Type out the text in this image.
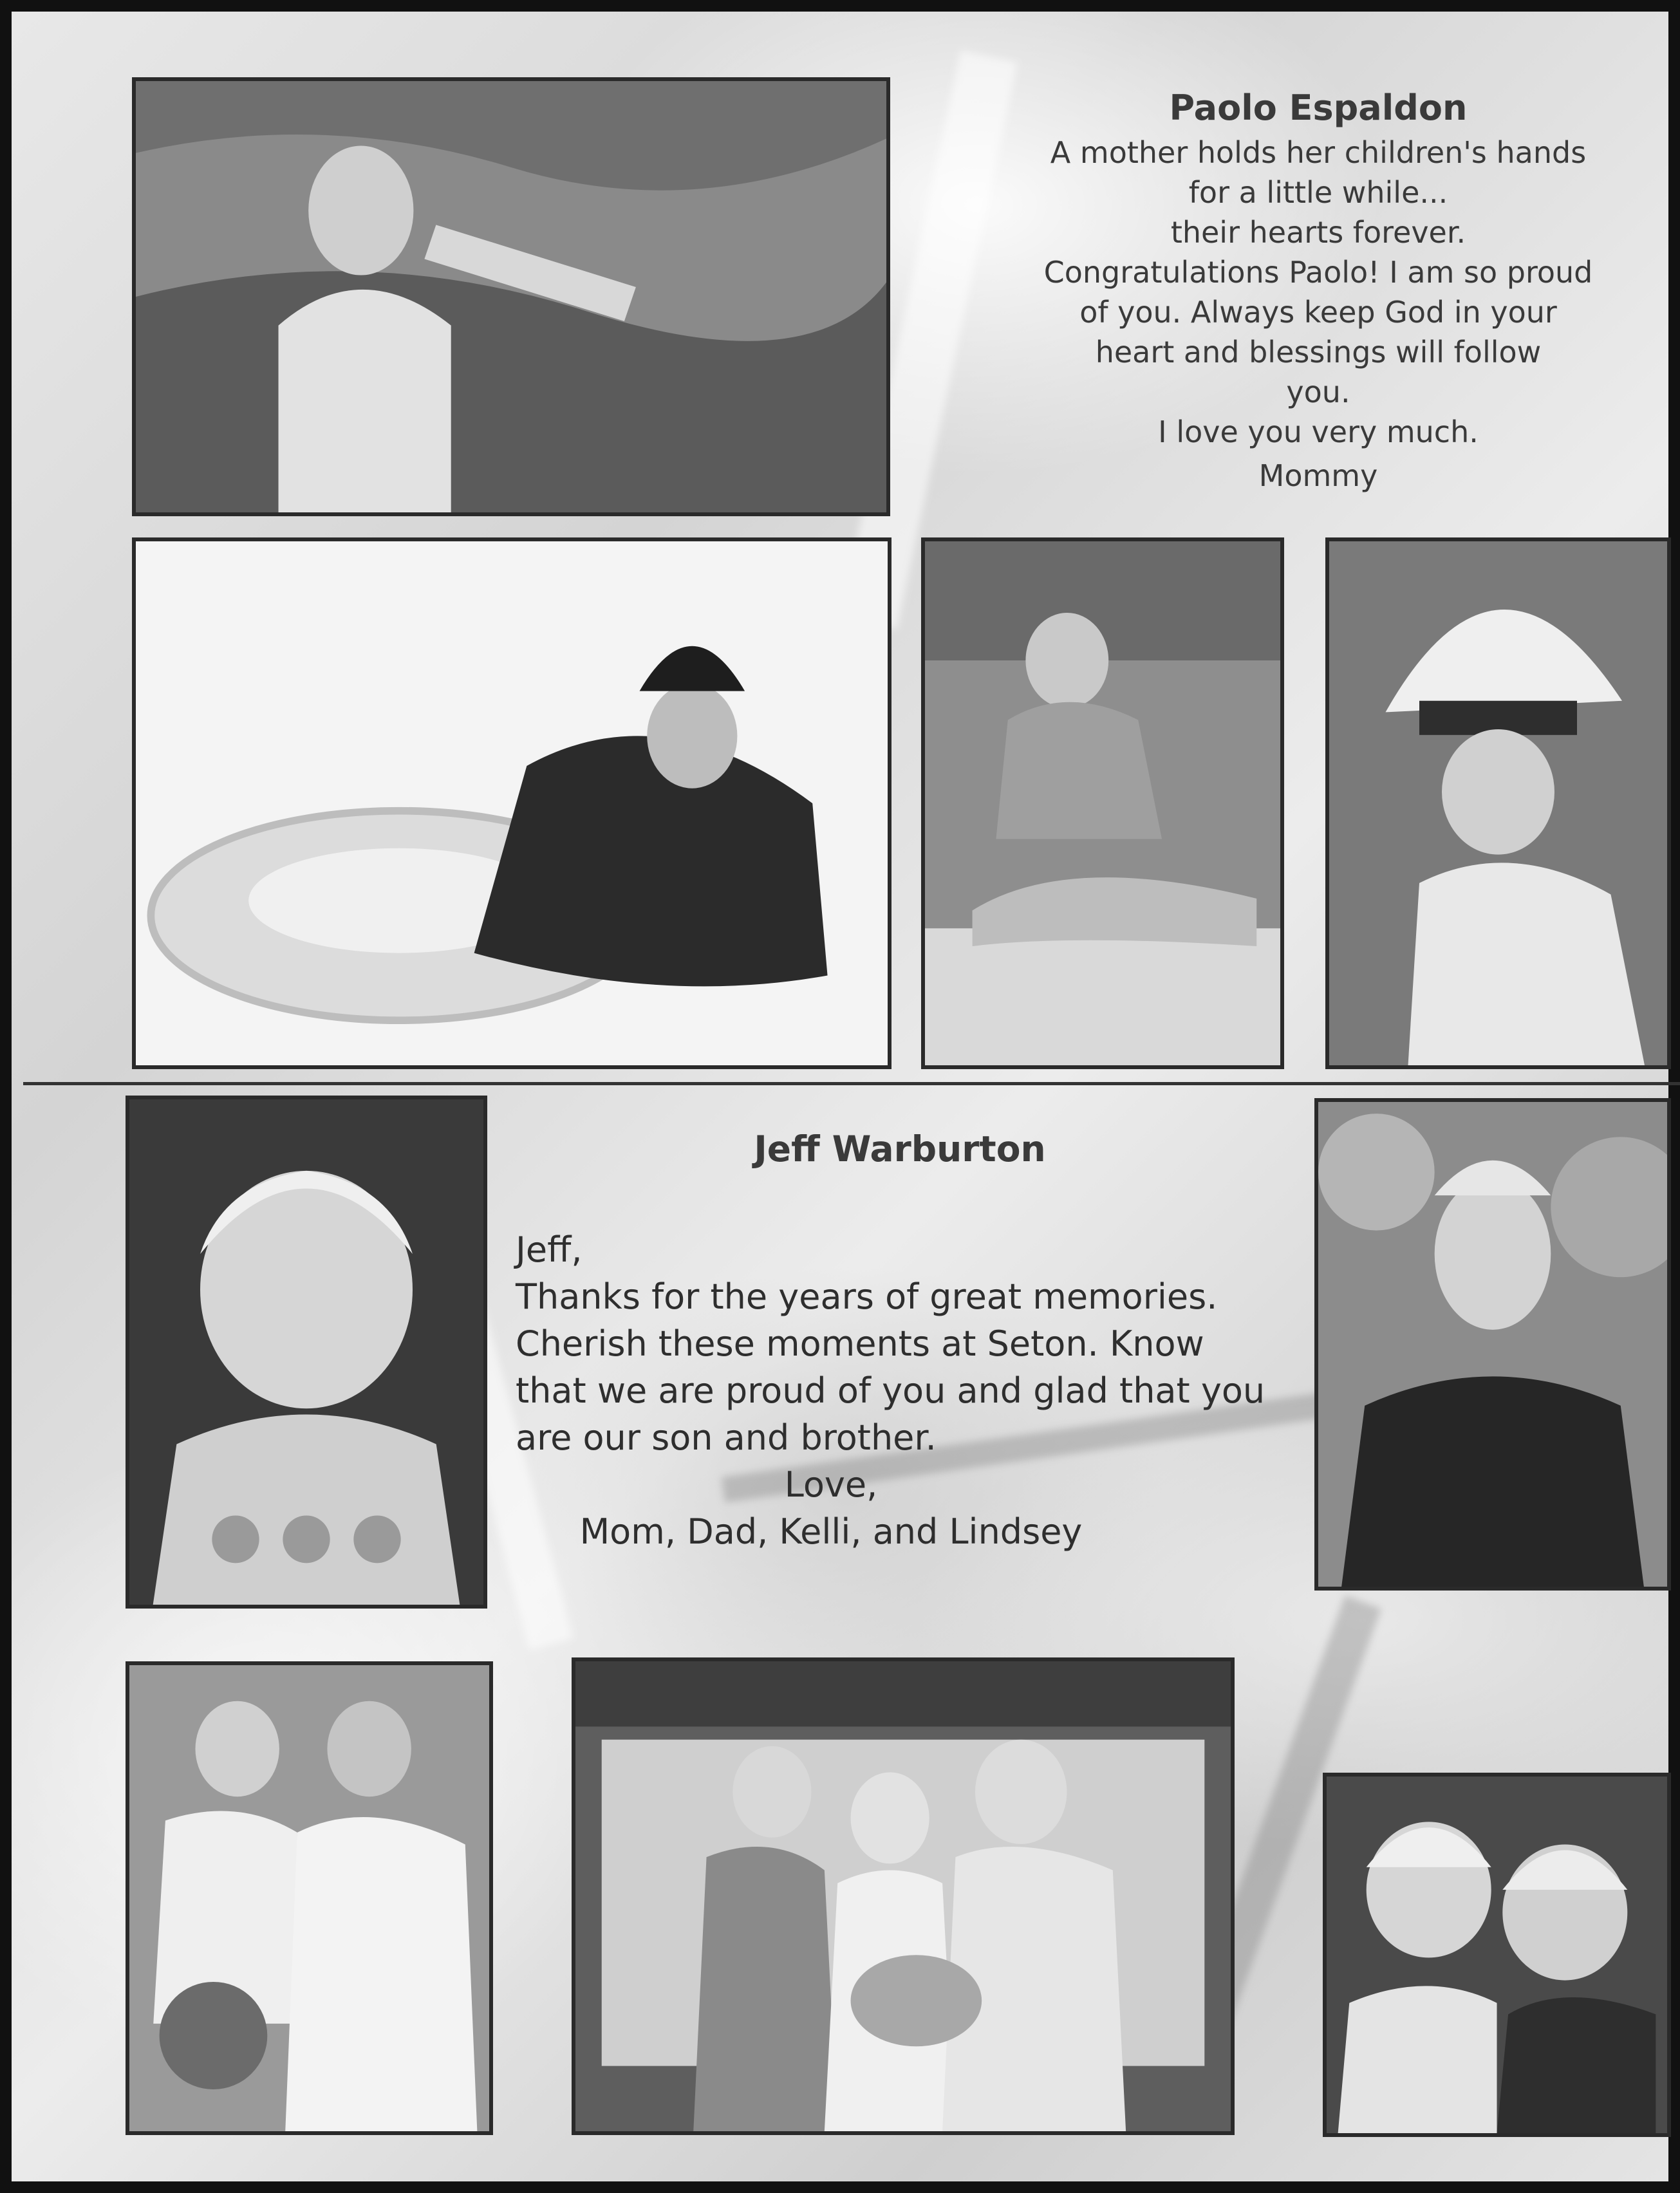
Paolo Espaldon
A mother holds her children's hands
for a little while...
their hearts forever.
Congratulations Paolo! I am so proud
of you. Always keep God in your
heart and blessings will follow
you.
I love you very much.
Mommy
Jeff Warburton
Jeff,
Thanks for the years of great memories.
Cherish these moments at Seton. Know
that we are proud of you and glad that you
are our son and brother.
Love,
Mom, Dad, Kelli, and Lindsey
